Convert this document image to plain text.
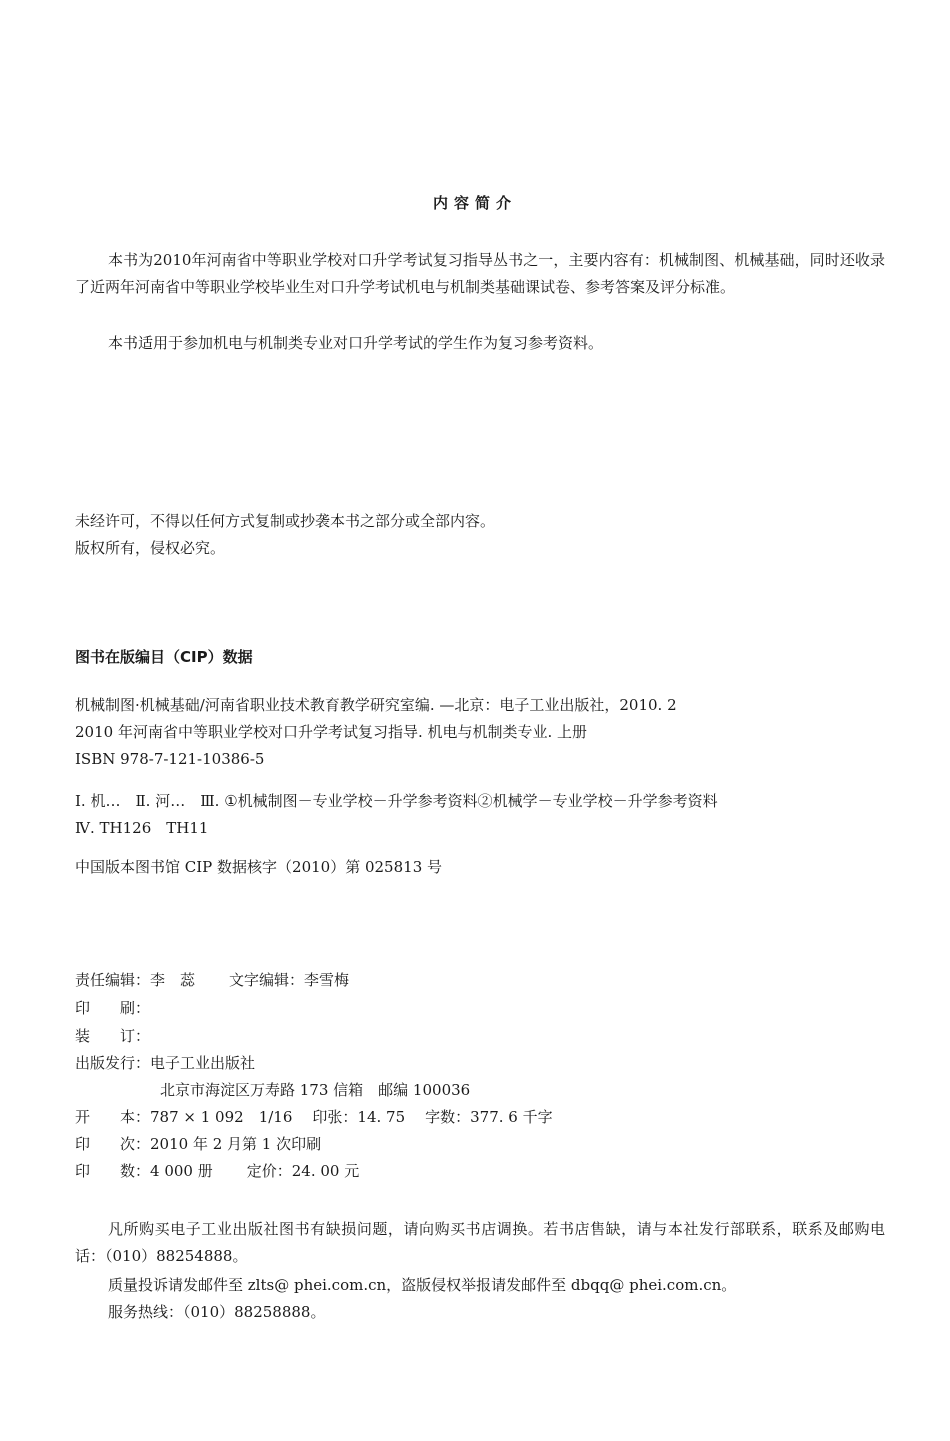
内容简介
本书为2010年河南省中等职业学校对口升学考试复习指导丛书之一，主要内容有：机械制图、机械基础，同时还收录了近两年河南省中等职业学校毕业生对口升学考试机电与机制类基础课试卷、参考答案及评分标准。
本书适用于参加机电与机制类专业对口升学考试的学生作为复习参考资料。
未经许可，不得以任何方式复制或抄袭本书之部分或全部内容。
版权所有，侵权必究。
图书在版编目（CIP）数据
机械制图·机械基础/河南省职业技术教育教学研究室编. —北京：电子工业出版社，2010. 2
2010 年河南省中等职业学校对口升学考试复习指导. 机电与机制类专业. 上册
ISBN 978-7-121-10386-5
Ⅰ. 机…　Ⅱ. 河…　Ⅲ. ①机械制图－专业学校－升学参考资料②机械学－专业学校－升学参考资料
Ⅳ. TH126　TH11
中国版本图书馆 CIP 数据核字（2010）第 025813 号
责任编辑：李　蕊 文字编辑：李雪梅
印　　刷：
装　　订：
出版发行：电子工业出版社
北京市海淀区万寿路 173 信箱　邮编 100036
开　　本：787 × 1 092　1/16 印张：14. 75 字数：377. 6 千字
印　　次：2010 年 2 月第 1 次印刷
印　　数：4 000 册 定价：24. 00 元
凡所购买电子工业出版社图书有缺损问题，请向购买书店调换。若书店售缺，请与本社发行部联系，联系及邮购电话：（010）88254888。
质量投诉请发邮件至 zlts@ phei.com.cn，盗版侵权举报请发邮件至 dbqq@ phei.com.cn。
服务热线：（010）88258888。
